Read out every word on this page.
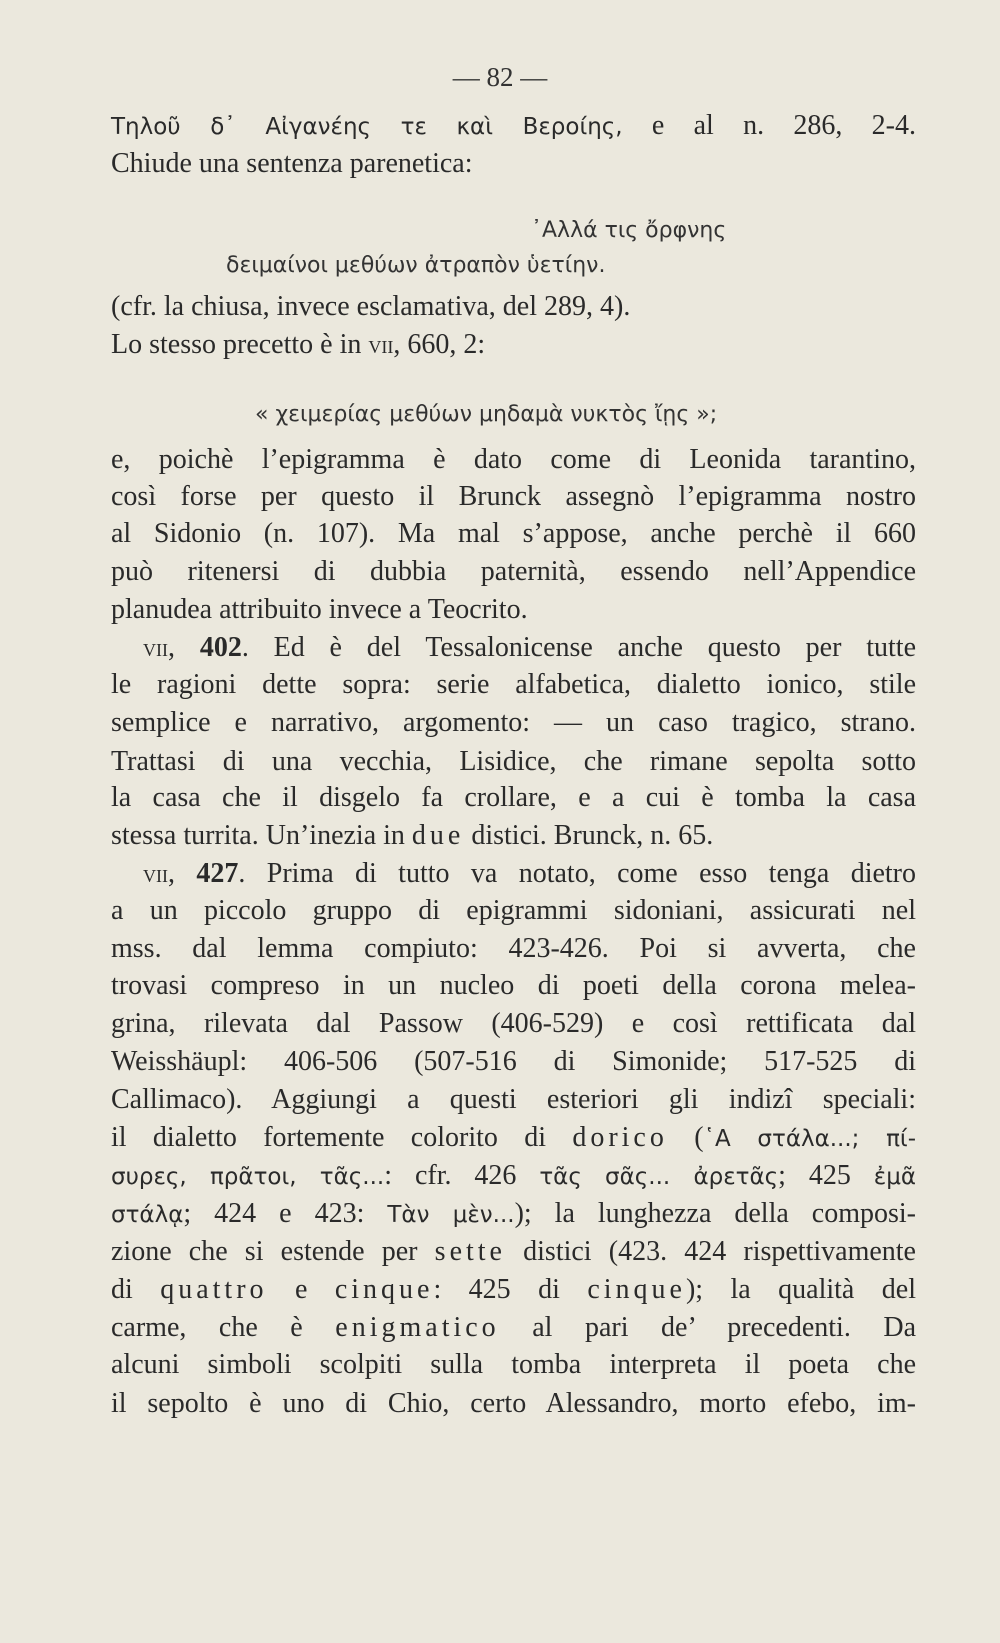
— 82 —
Τηλοῦ δ᾽ Αἰγανέης τε καὶ Βεροίης, e al n. 286, 2-4.
Chiude una sentenza parenetica:
᾽Αλλά τις ὄρφνης
δειμαίνοι μεθύων ἀτραπὸν ὑετίην.
(cfr. la chiusa, invece esclamativa, del 289, 4).
Lo stesso precetto è in vii, 660, 2:
« χειμερίας μεθύων μηδαμὰ νυκτὸς ἴῃς »;
e, poichè l’epigramma è dato come di Leonida tarantino,
così forse per questo il Brunck assegnò l’epigramma nostro
al Sidonio (n. 107). Ma mal s’appose, anche perchè il 660
può ritenersi di dubbia paternità, essendo nell’Appendice
planudea attribuito invece a Teocrito.
vii, 402. Ed è del Tessalonicense anche questo per tutte
le ragioni dette sopra: serie alfabetica, dialetto ionico, stile
semplice e narrativo, argomento: — un caso tragico, strano.
Trattasi di una vecchia, Lisidice, che rimane sepolta sotto
la casa che il disgelo fa crollare, e a cui è tomba la casa
stessa turrita. Un’inezia in due distici. Brunck, n. 65.
vii, 427. Prima di tutto va notato, come esso tenga dietro
a un piccolo gruppo di epigrammi sidoniani, assicurati nel
mss. dal lemma compiuto: 423-426. Poi si avverta, che
trovasi compreso in un nucleo di poeti della corona melea-
grina, rilevata dal Passow (406-529) e così rettificata dal
Weisshäupl: 406-506 (507-516 di Simonide; 517-525 di
Callimaco). Aggiungi a questi esteriori gli indizî speciali:
il dialetto fortemente colorito di dorico (῾Α στάλα...; πί-
συρες, πρᾶτοι, τᾶς...: cfr. 426 τᾶς σᾶς... ἀρετᾶς; 425 ἐμᾶ
στάλᾳ; 424 e 423: Τὰν μὲν...); la lunghezza della composi-
zione che si estende per sette distici (423. 424 rispettivamente
di quattro e cinque: 425 di cinque); la qualità del
carme, che è enigmatico al pari de’ precedenti. Da
alcuni simboli scolpiti sulla tomba interpreta il poeta che
il sepolto è uno di Chio, certo Alessandro, morto efebo, im-
